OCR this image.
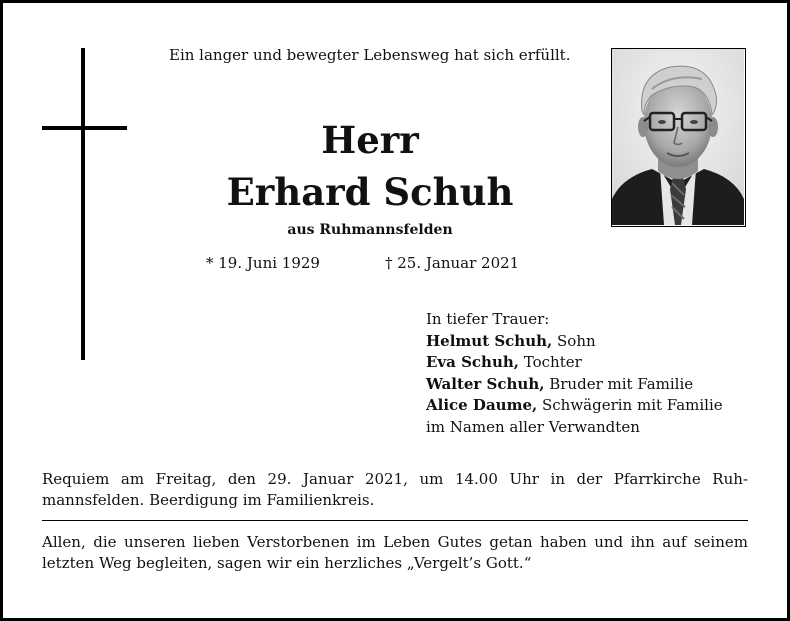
Ein langer und bewegter Lebensweg hat sich erfüllt.
Herr
Erhard Schuh
aus Ruhmannsfelden
* 19. Juni 1929	† 25. Januar 2021
In tiefer Trauer:
Helmut Schuh, Sohn
Eva Schuh, Tochter
Walter Schuh, Bruder mit Familie
Alice Daume, Schwägerin mit Familie
im Namen aller Verwandten
Requiem am Freitag, den 29. Januar 2021, um 14.00 Uhr in der Pfarrkirche Ruhmannsfelden. Beerdigung im Familienkreis.
Allen, die unseren lieben Verstorbenen im Leben Gutes getan haben und ihn auf seinem letzten Weg begleiten, sagen wir ein herzliches „Vergelt’s Gott.“
